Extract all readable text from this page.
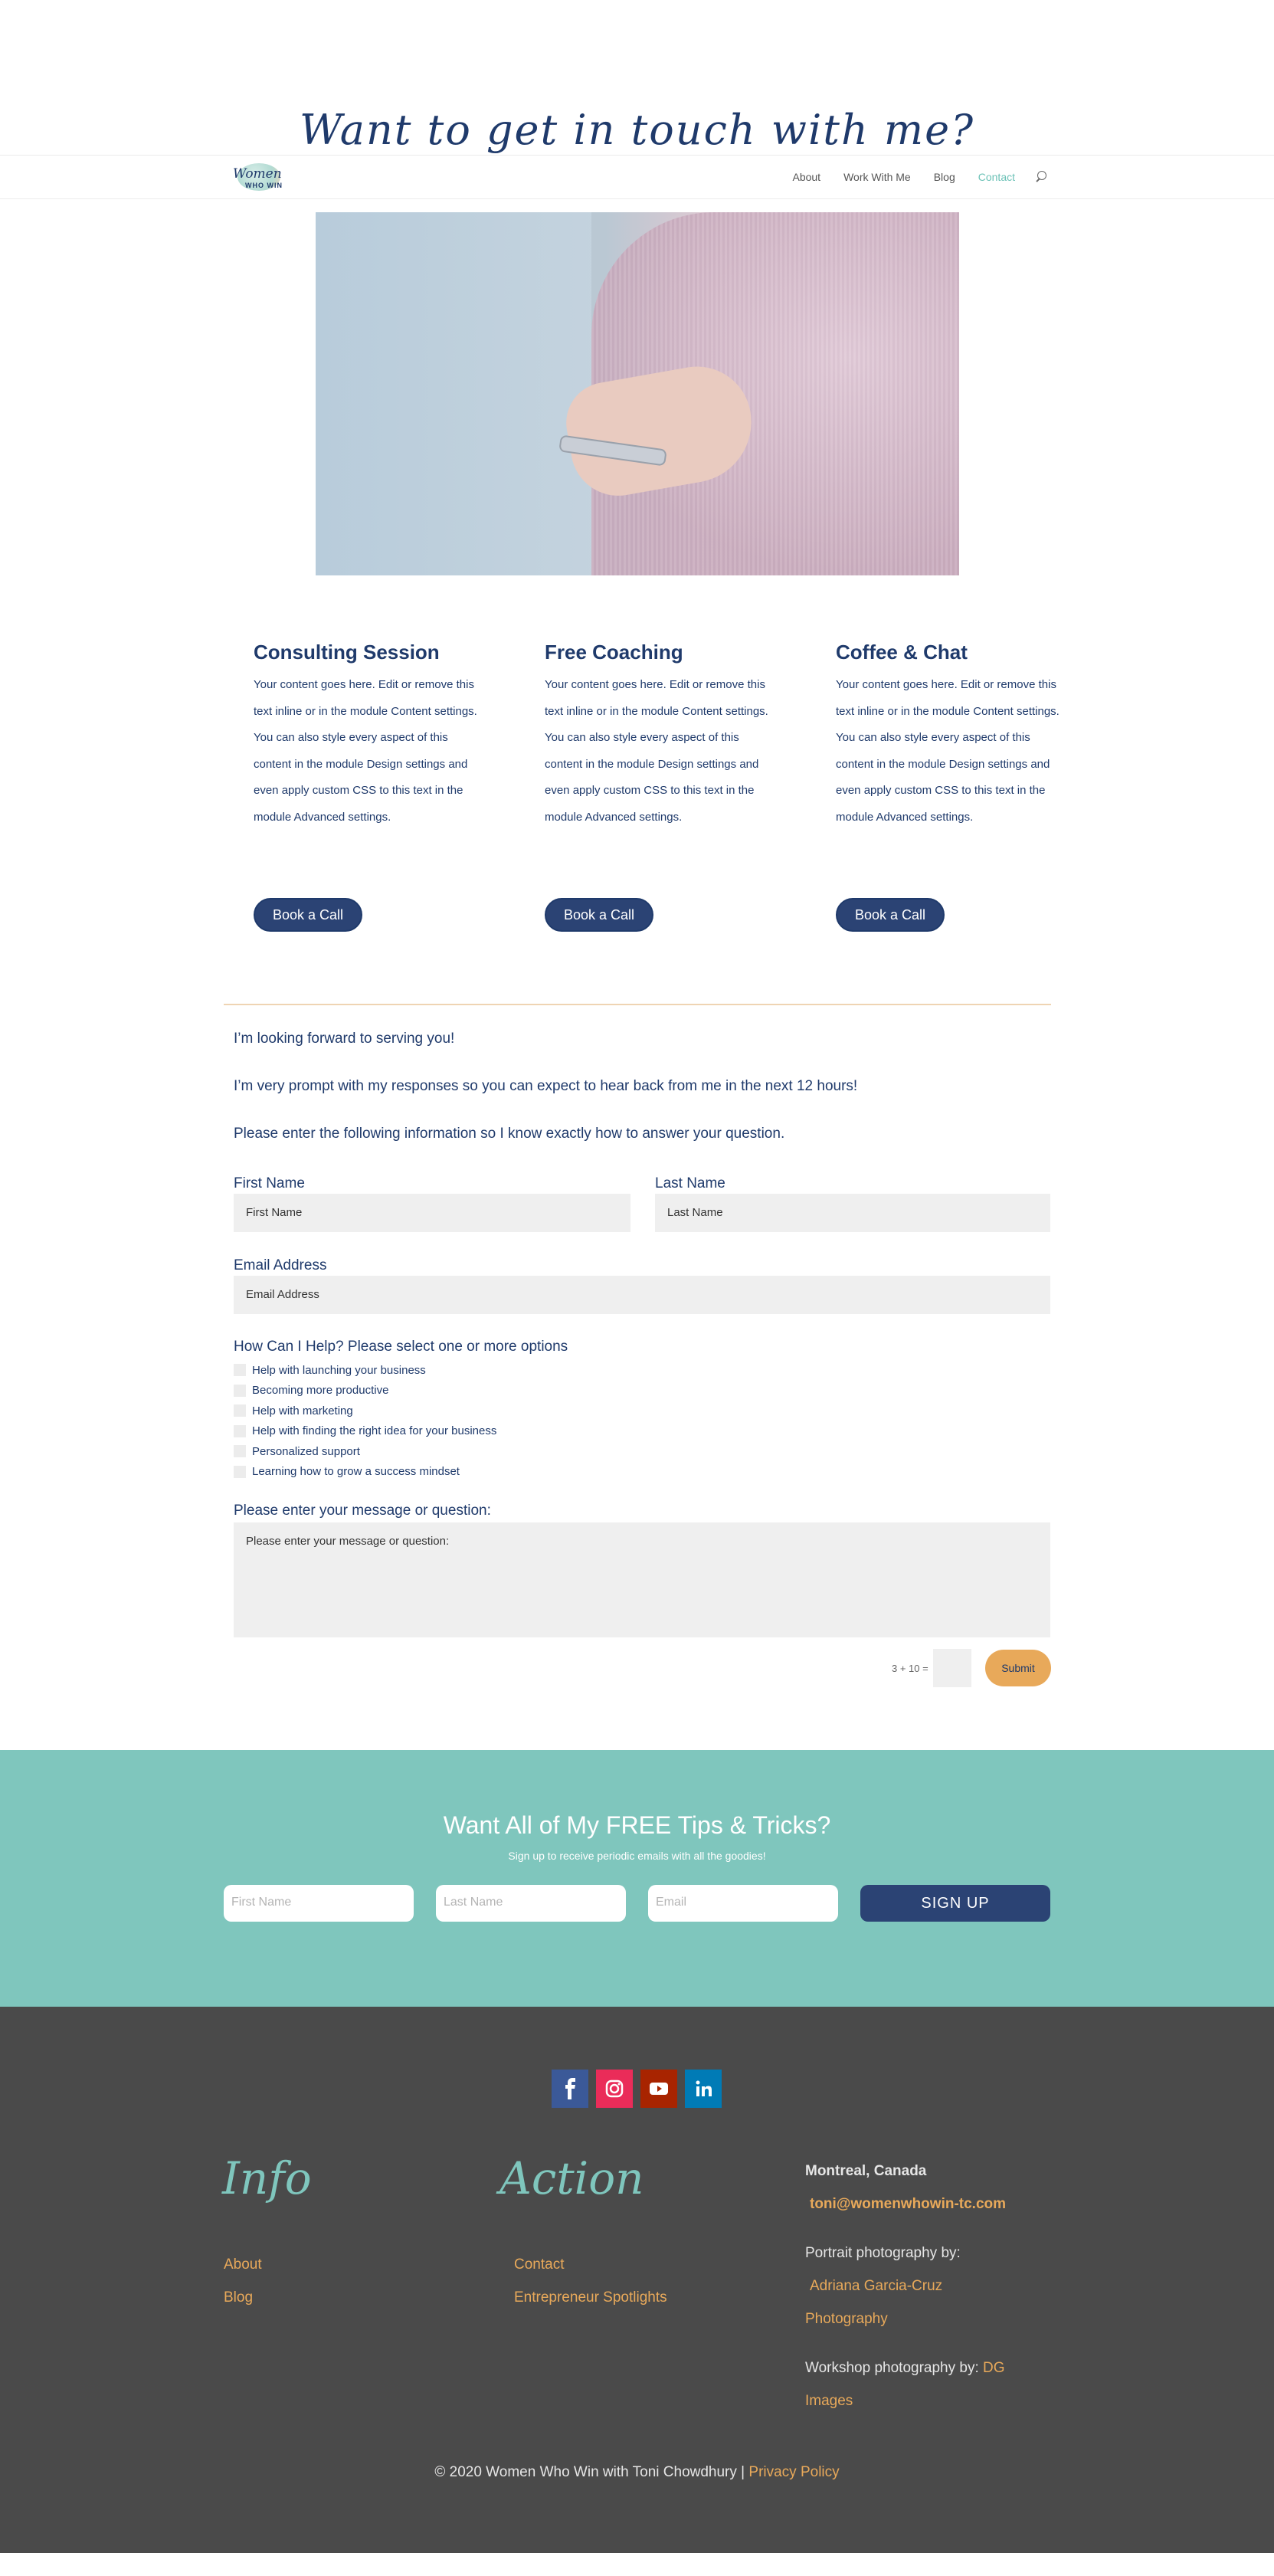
Want to get in touch with me?
Women
WHO WIN
About Work With Me Blog Contact
Consulting Session

Your content goes here. Edit or remove this text inline or in the module Content settings. You can also style every aspect of this content in the module Design settings and even apply custom CSS to this text in the module Advanced settings.

Book a Call
Free Coaching

Your content goes here. Edit or remove this text inline or in the module Content settings. You can also style every aspect of this content in the module Design settings and even apply custom CSS to this text in the module Advanced settings.

Book a Call
Coffee & Chat

Your content goes here. Edit or remove this text inline or in the module Content settings. You can also style every aspect of this content in the module Design settings and even apply custom CSS to this text in the module Advanced settings.

Book a Call
I’m looking forward to serving you!
I’m very prompt with my responses so you can expect to hear back from me in the next 12 hours!
Please enter the following information so I know exactly how to answer your question.
First Name
First Name
Last Name
Last Name
Email Address
Email Address
How Can I Help? Please select one or more options
Help with launching your business
Becoming more productive
Help with marketing
Help with finding the right idea for your business
Personalized support
Learning how to grow a success mindset
Please enter your message or question:
Please enter your message or question:
3 + 10 =	Submit
Want All of My FREE Tips & Tricks?
Sign up to receive periodic emails with all the goodies!
First Name	Last Name	Email	SIGN UP
Info
About
Blog
Action
Contact
Entrepreneur Spotlights
Montreal, Canada
toni@womenwhowin-tc.com
Portrait photography by:
Adriana Garcia-Cruz
Photography
Workshop photography by: DG
Images
© 2020 Women Who Win with Toni Chowdhury | Privacy Policy
